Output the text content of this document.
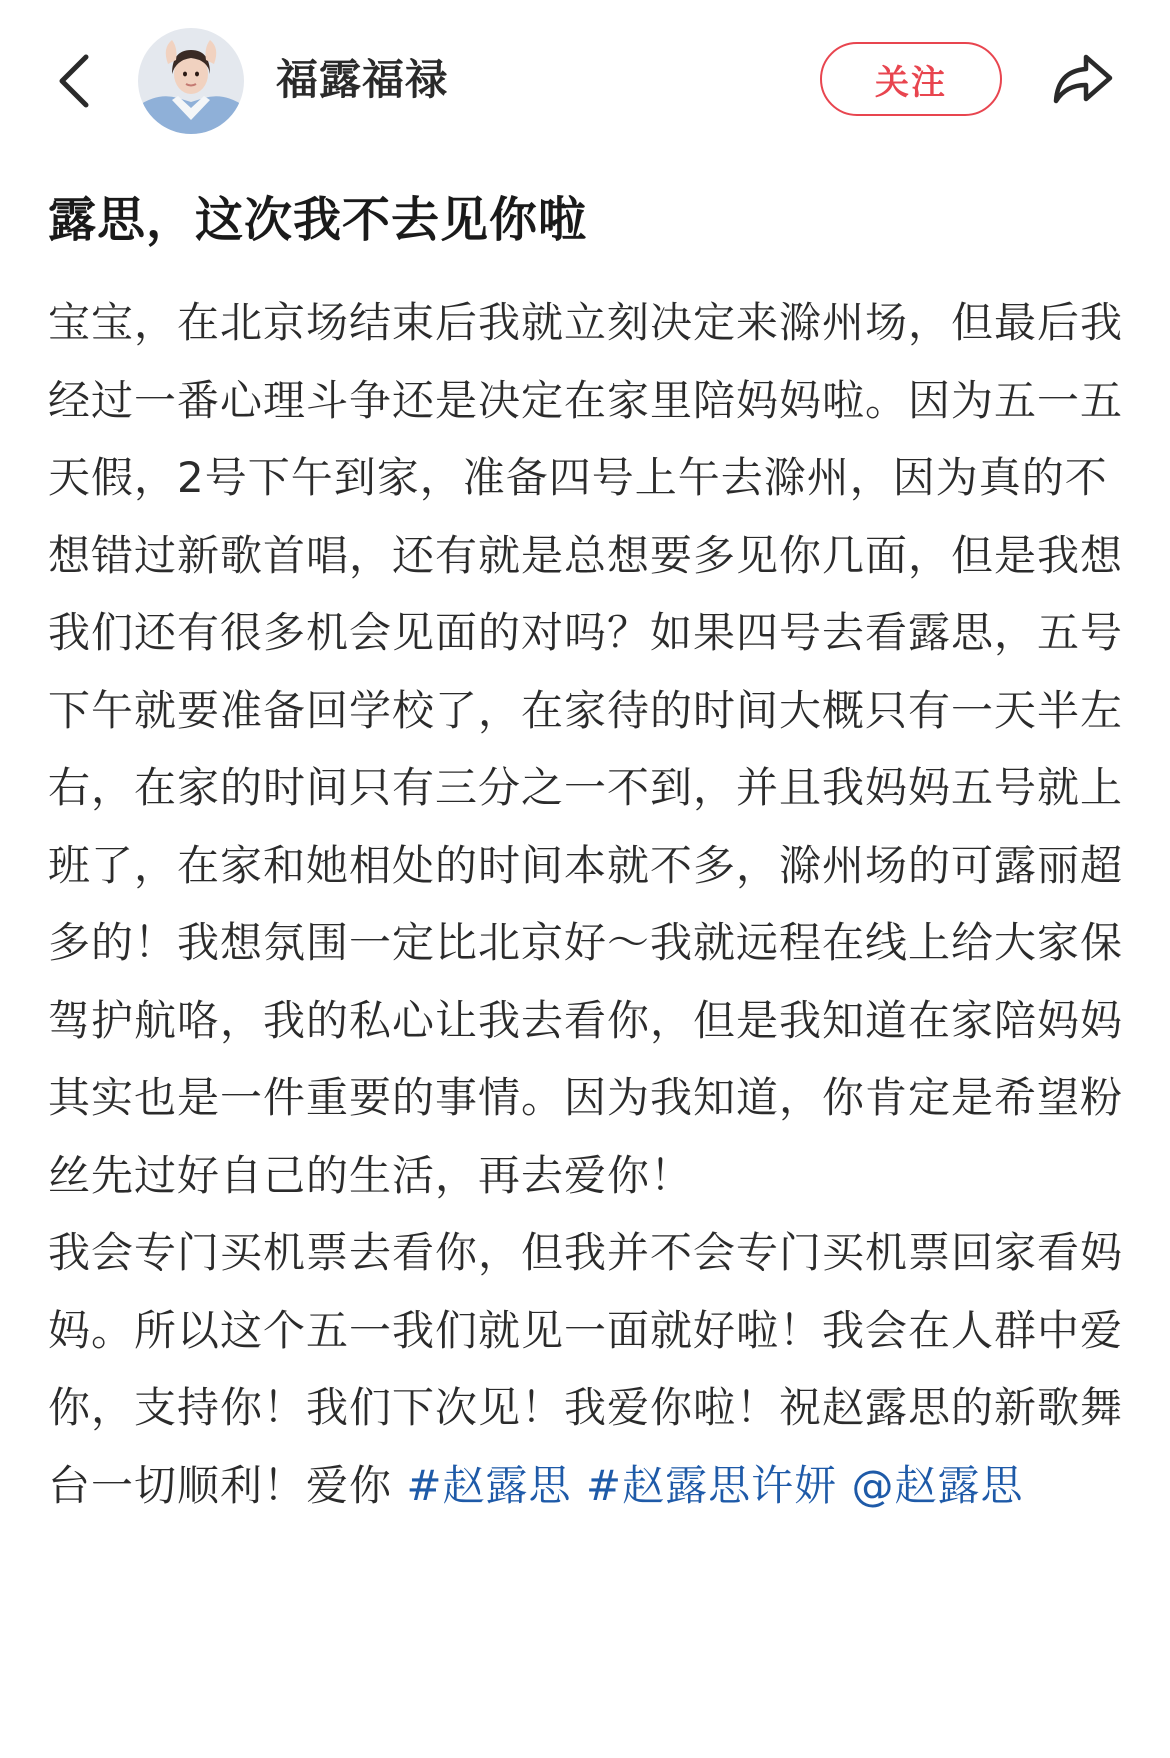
福露福禄	关注
露思，这次我不去见你啦

宝宝，在北京场结束后我就立刻决定来滁州场，但最后我经过一番心理斗争还是决定在家里陪妈妈啦。因为五一五天假，2号下午到家，准备四号上午去滁州，因为真的不想错过新歌首唱，还有就是总想要多见你几面，但是我想我们还有很多机会见面的对吗？如果四号去看露思，五号下午就要准备回学校了，在家待的时间大概只有一天半左右，在家的时间只有三分之一不到，并且我妈妈五号就上班了，在家和她相处的时间本就不多，滁州场的可露丽超多的！我想氛围一定比北京好～我就远程在线上给大家保驾护航咯，我的私心让我去看你，但是我知道在家陪妈妈其实也是一件重要的事情。因为我知道，你肯定是希望粉丝先过好自己的生活，再去爱你！

我会专门买机票去看你，但我并不会专门买机票回家看妈妈。所以这个五一我们就见一面就好啦！我会在人群中爱你，支持你！我们下次见！我爱你啦！祝赵露思的新歌舞台一切顺利！爱你 #赵露思 #赵露思许妍 @赵露思
